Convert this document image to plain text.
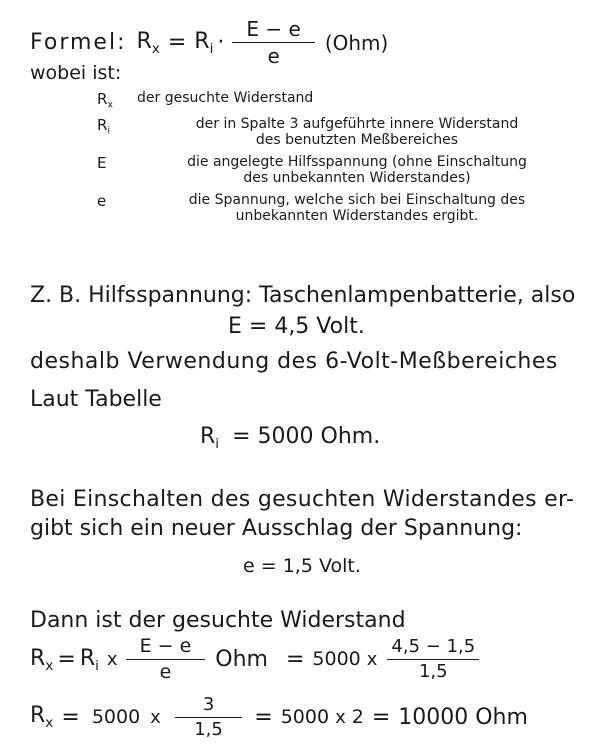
Formel: $R_x = R_i \cdot \frac{E - e}{e} (Ohm)$
wobei ist:
$R_x$	der gesuchte Widerstand
$R_i$	der in Spalte 3 aufgeführte innere Widerstand
des benutzten Meßbereiches
E	die angelegte Hilfsspannung (ohne Einschaltung
des unbekannten Widerstandes)
e	die Spannung, welche sich bei Einschaltung des
unbekannten Widerstandes ergibt.
Z. B. Hilfsspannung: Taschenlampenbatterie, also
E = 4,5 Volt.
deshalb Verwendung des 6-Volt-Meßbereiches
Laut Tabelle
$R_i = 5000$ Ohm.
Bei Einschalten des gesuchten Widerstandes er-
gibt sich ein neuer Ausschlag der Spannung:
e = 1,5 Volt.
Dann ist der gesuchte Widerstand
$R_x = R_i$ x $\frac{E - e}{e}$ Ohm = 5000 x $\frac{4,5 - 1,5}{1,5}$
$R_x = 5000$ x $\frac{3}{1,5} = 5000$ x 2 = 10000 Ohm
